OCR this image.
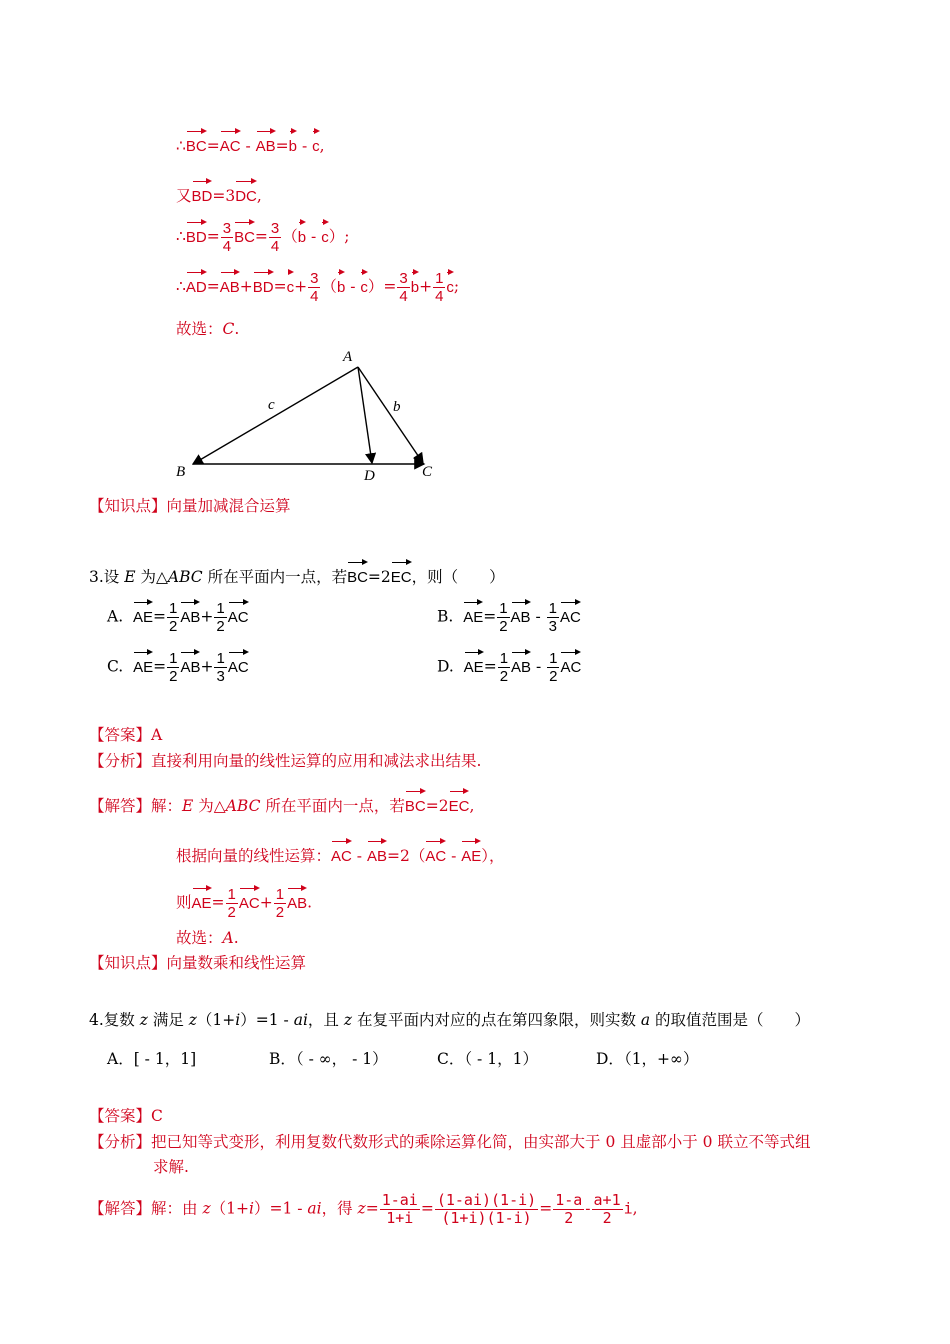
∴BC=AC - AB=b - c,
又BD=3DC,
∴BD= $\frac{3}{4} BC= \frac{3}{4} (b - c)$;
∴AD=AB+BD=c+ $\frac{3}{4} (b - c)= \frac{3}{4} b+ \frac{1}{4} c$;
故选：C.
A
B	D	C
c	b
【知识点】向量加减混合运算
3.设 E 为△ABC 所在平面内一点，若BC=2EC，则（　　）
A. $AE= \frac{1}{2} AB+ \frac{1}{2}$ AC	B. $AE= \frac{1}{2}$ AB - $\frac{1}{3}$ AC
C. $AE= \frac{1}{2} AB+ \frac{1}{3}$ AC	D. $AE= \frac{1}{2}$ AB - $\frac{1}{2}$ AC
【答案】A
【分析】直接利用向量的线性运算的应用和减法求出结果.
【解答】解：E 为△ABC 所在平面内一点，若BC=2EC,
根据向量的线性运算：AC - AB=2（AC - AE），
则$AE= \frac{1}{2} AC+ \frac{1}{2}$ AB.
故选：A.
【知识点】向量数乘和线性运算
4.复数 z 满足 z（1+i）=1 - ai，且 z 在复平面内对应的点在第四象限，则实数 a 的取值范围是（　　）
A．[ - 1，1]	B．（ - ∞， - 1）	C．（ - 1，1）	D．（1，+∞）
【答案】C
【分析】把已知等式变形，利用复数代数形式的乘除运算化简，由实部大于 0 且虚部小于 0 联立不等式组
求解.
【解答】解：由 z（1+i）=1 - ai，得 $z= \frac{1-ai}{1+i} = \frac{(1-ai)(1-i)}{(1+i)(1-i)} = \frac{1-a}{2} - \frac{a+1}{2} i$,
